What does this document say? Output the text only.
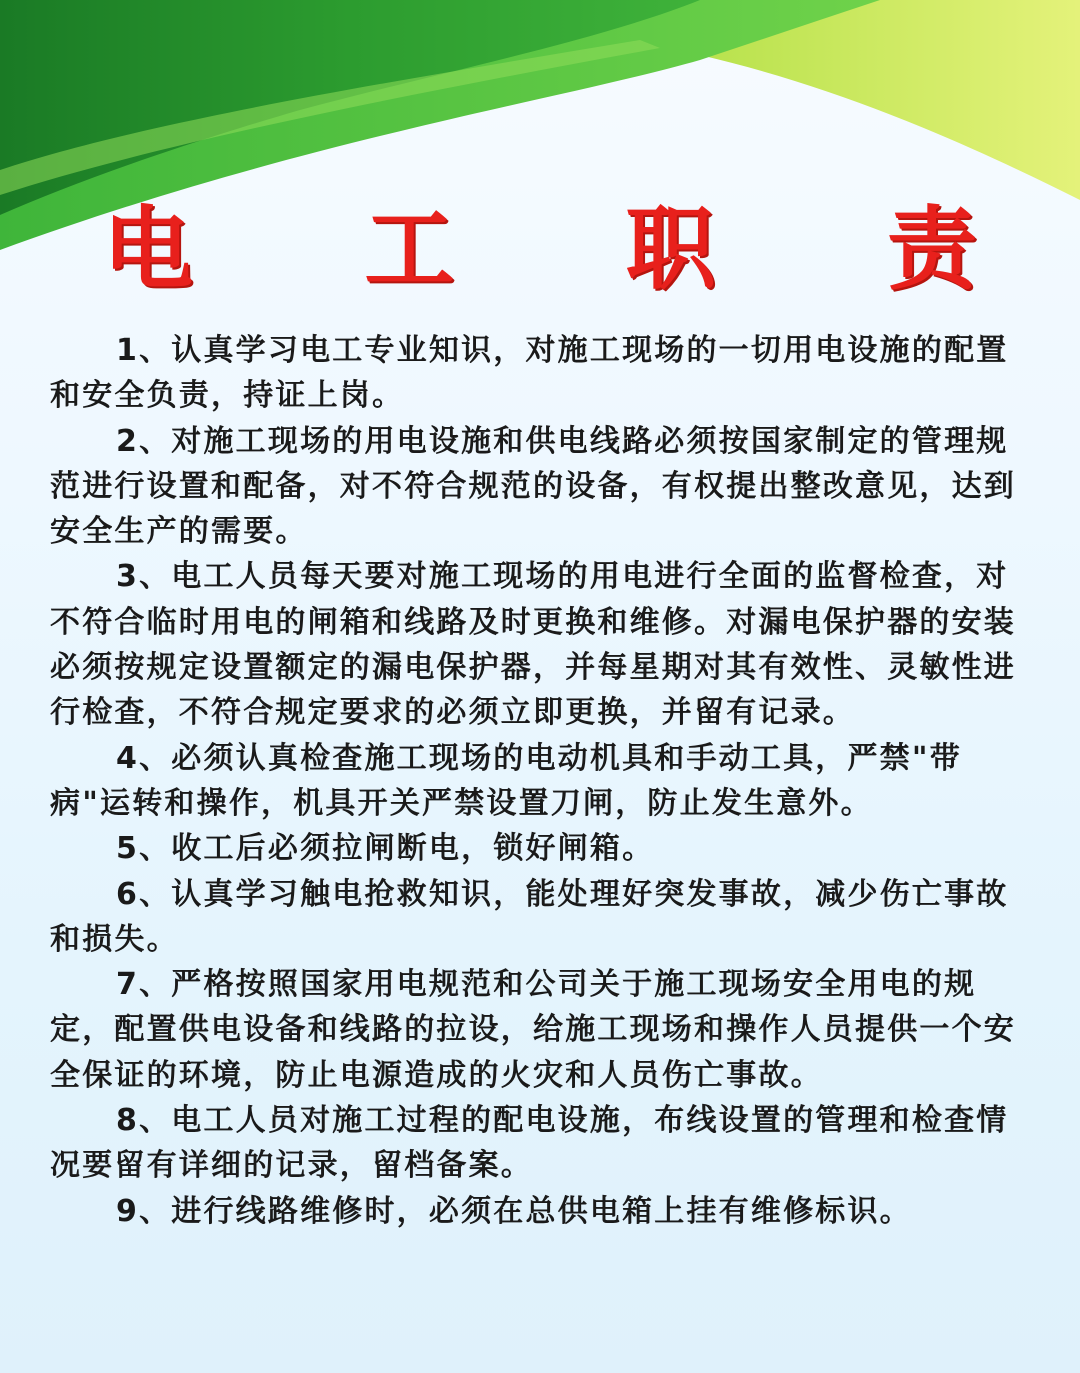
电 工 职 责

1、认真学习电工专业知识，对施工现场的一切用电设施的配置和安全负责，持证上岗。

2、对施工现场的用电设施和供电线路必须按国家制定的管理规范进行设置和配备，对不符合规范的设备，有权提出整改意见，达到安全生产的需要。

3、电工人员每天要对施工现场的用电进行全面的监督检查，对不符合临时用电的闸箱和线路及时更换和维修。对漏电保护器的安装必须按规定设置额定的漏电保护器，并每星期对其有效性、灵敏性进行检查，不符合规定要求的必须立即更换，并留有记录。

4、必须认真检查施工现场的电动机具和手动工具，严禁"带病"运转和操作，机具开关严禁设置刀闸，防止发生意外。

5、收工后必须拉闸断电，锁好闸箱。

6、认真学习触电抢救知识，能处理好突发事故，减少伤亡事故和损失。

7、严格按照国家用电规范和公司关于施工现场安全用电的规定，配置供电设备和线路的拉设，给施工现场和操作人员提供一个安全保证的环境，防止电源造成的火灾和人员伤亡事故。

8、电工人员对施工过程的配电设施，布线设置的管理和检查情况要留有详细的记录，留档备案。

9、进行线路维修时，必须在总供电箱上挂有维修标识。
